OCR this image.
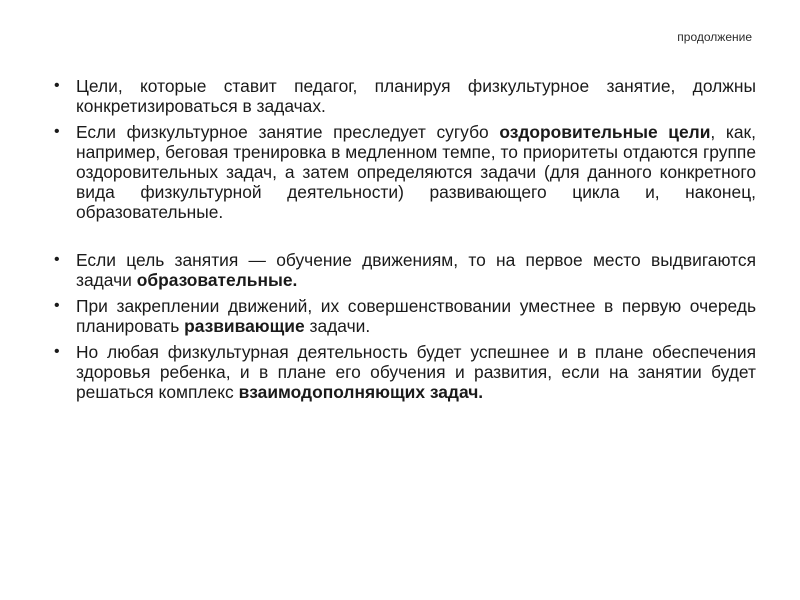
продолжение
• Цели, которые ставит педагог, планируя физкультурное занятие, должны конкретизироваться в задачах.
• Если физкультурное занятие преследует сугубо оздоровительные цели, как, например, беговая тренировка в медленном темпе, то приоритеты отдаются группе оздоровительных задач, а затем определяются задачи (для данного конкретного вида физкультурной деятельности) развивающего цикла и, наконец, образовательные.
• Если цель занятия — обучение движениям, то на первое место выдвигаются задачи образовательные.
• При закреплении движений, их совершенствовании уместнее в первую очередь планировать развивающие задачи.
• Но любая физкультурная деятельность будет успешнее и в плане обеспечения здоровья ребенка, и в плане его обучения и развития, если на занятии будет решаться комплекс взаимодополняющих задач.
